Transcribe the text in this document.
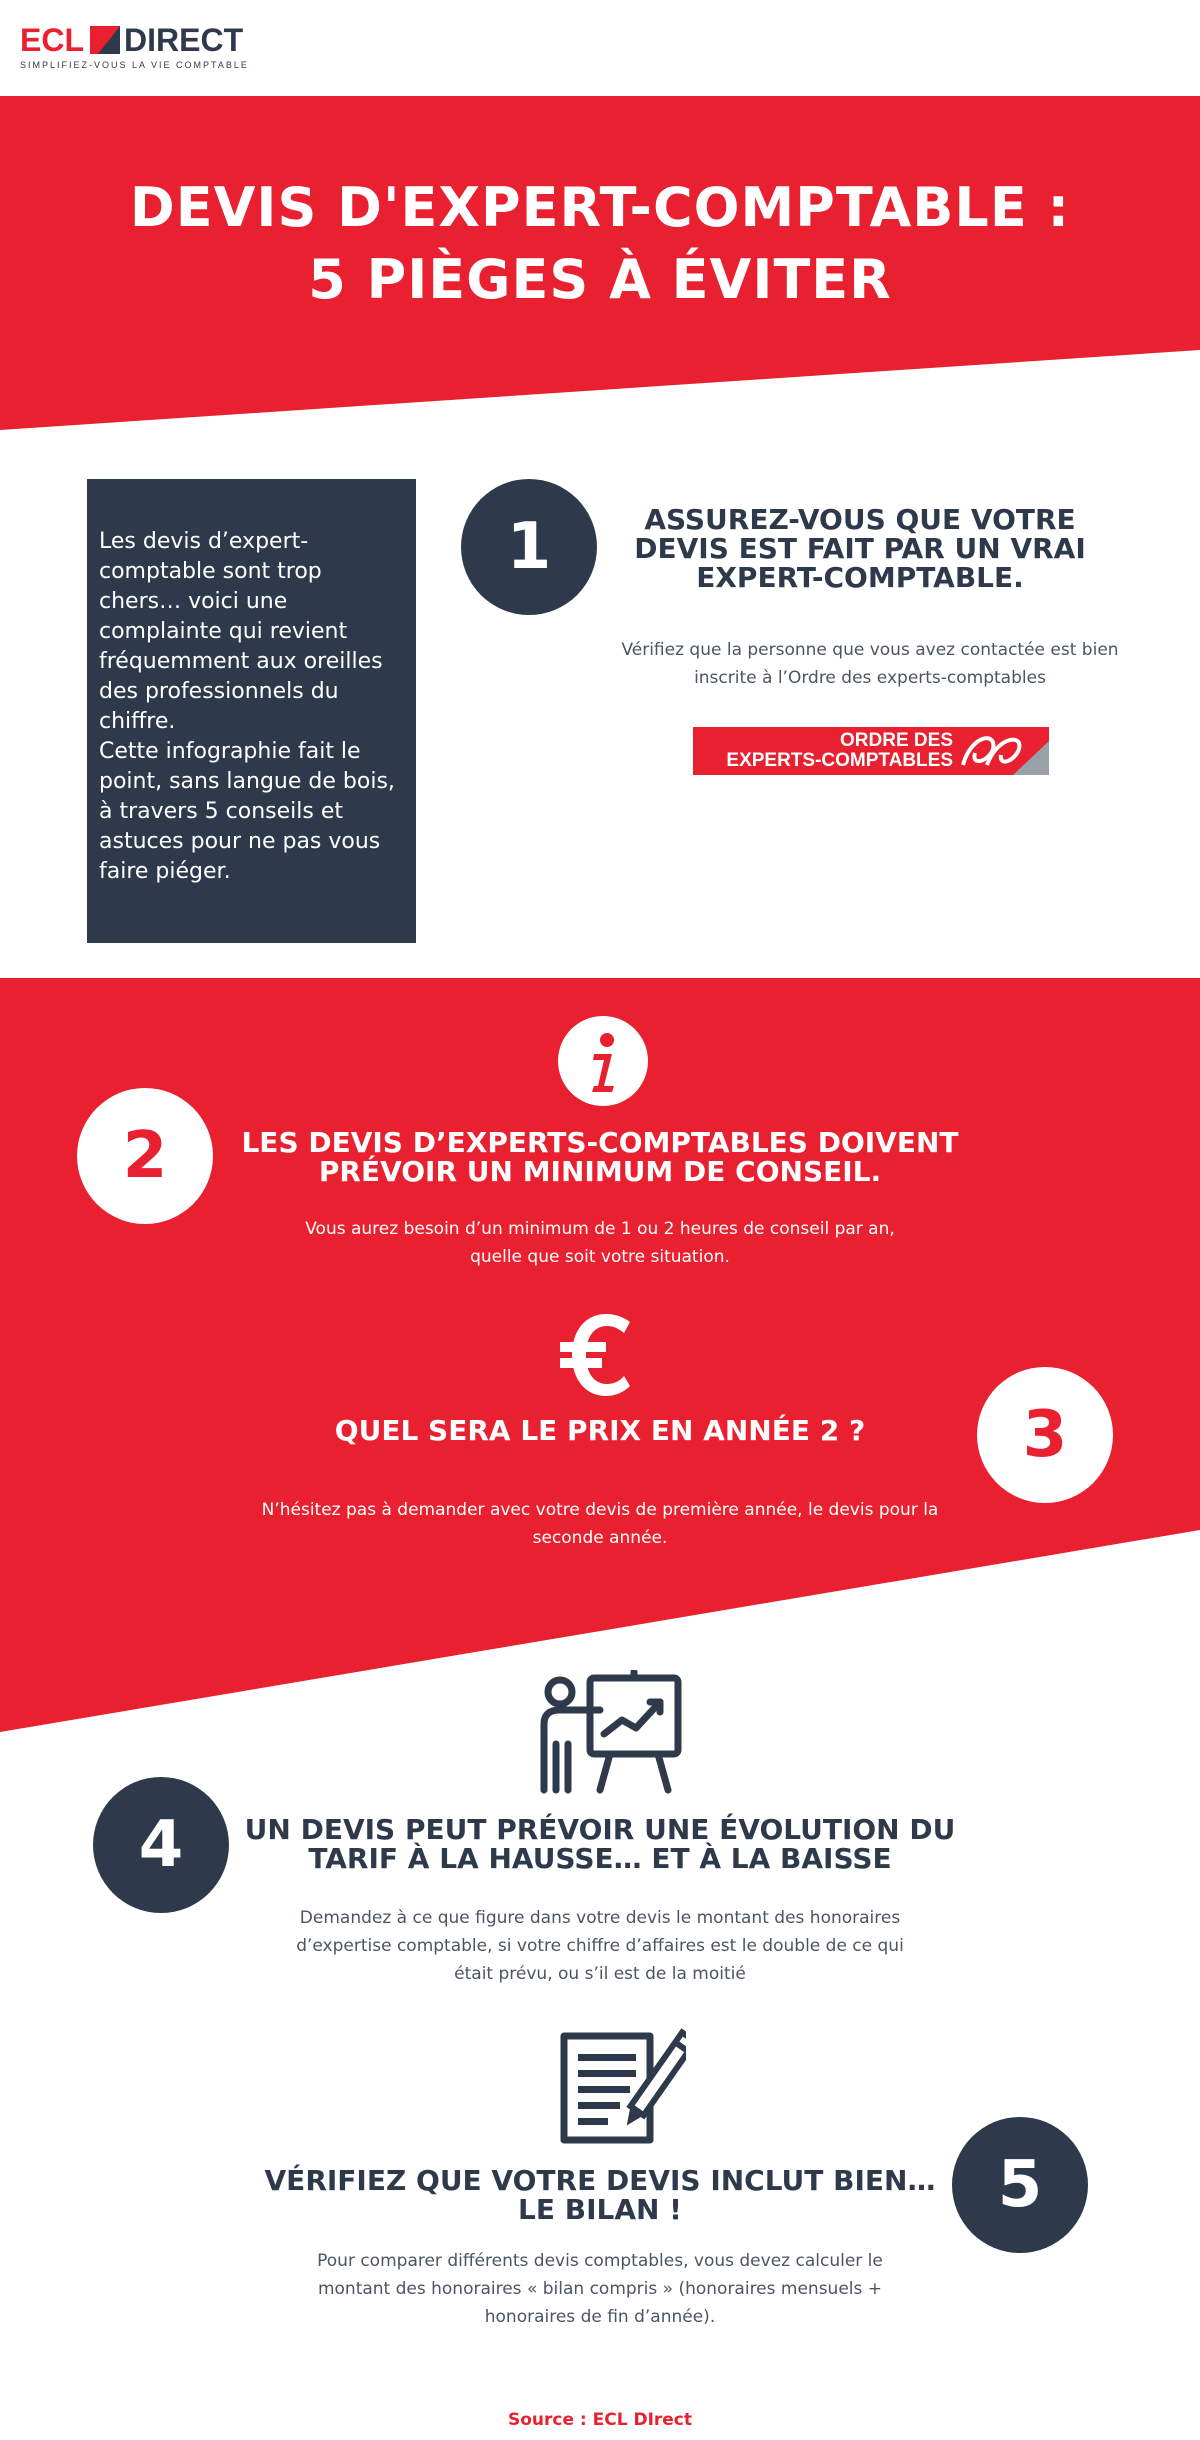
ECL DIRECT
SIMPLIFIEZ-VOUS LA VIE COMPTABLE
DEVIS D'EXPERT-COMPTABLE :
5 PIÈGES À ÉVITER

Les devis d’expert-comptable sont trop chers… voici une complainte qui revient fréquemment aux oreilles des professionnels du chiffre.

Cette infographie fait le point, sans langue de bois, à travers 5 conseils et astuces pour ne pas vous faire piéger.

1	ASSUREZ-VOUS QUE VOTRE DEVIS EST FAIT PAR UN VRAI EXPERT-COMPTABLE.
Vérifiez que la personne que vous avez contactée est bien inscrite à l’Ordre des experts-comptables
ORDRE DES
EXPERTS-COMPTABLES
2	LES DEVIS D’EXPERTS-COMPTABLES DOIVENT PRÉVOIR UN MINIMUM DE CONSEIL.
Vous aurez besoin d’un minimum de 1 ou 2 heures de conseil par an, quelle que soit votre situation.
QUEL SERA LE PRIX EN ANNÉE 2 ?
N’hésitez pas à demander avec votre devis de première année, le devis pour la seconde année.
3
4	UN DEVIS PEUT PRÉVOIR UNE ÉVOLUTION DU TARIF À LA HAUSSE… ET À LA BAISSE
Demandez à ce que figure dans votre devis le montant des honoraires d’expertise comptable, si votre chiffre d’affaires est le double de ce qui était prévu, ou s’il est de la moitié
5
VÉRIFIEZ QUE VOTRE DEVIS INCLUT BIEN… LE BILAN !
Pour comparer différents devis comptables, vous devez calculer le montant des honoraires « bilan compris » (honoraires mensuels + honoraires de fin d’année).
Source : ECL DIrect
